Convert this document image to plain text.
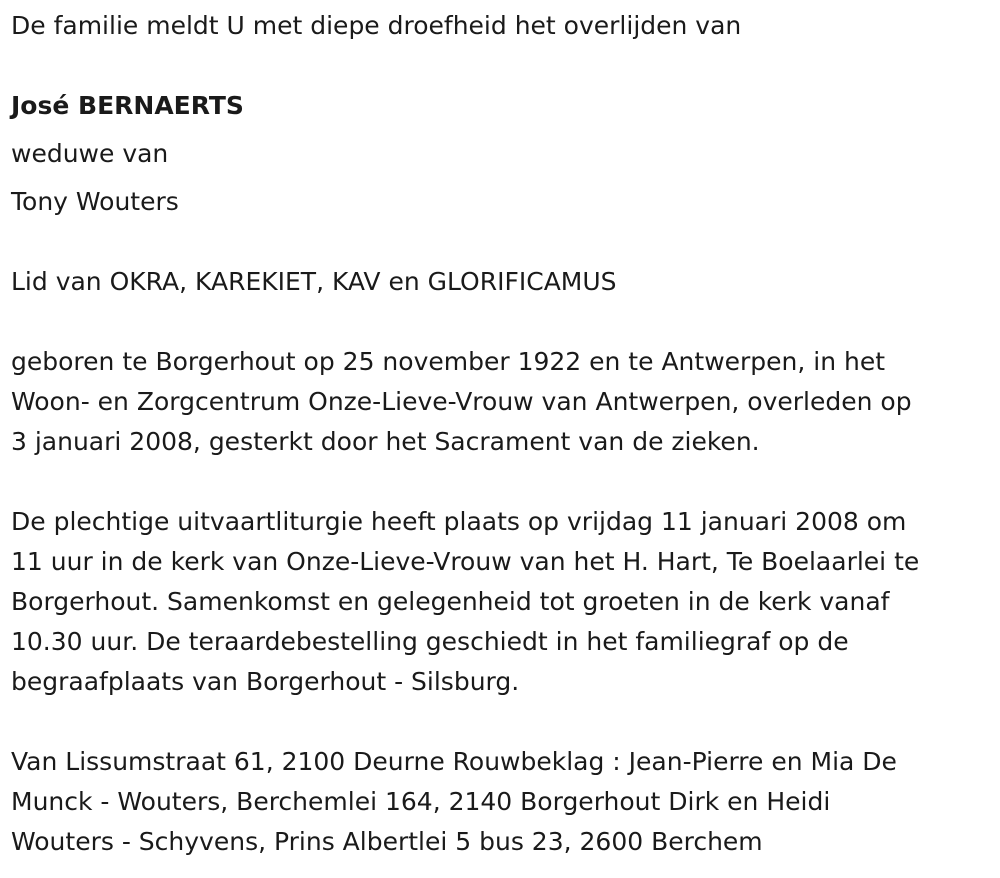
De familie meldt U met diepe droefheid het overlijden van

José BERNAERTS

weduwe van

Tony Wouters

Lid van OKRA, KAREKIET, KAV en GLORIFICAMUS

geboren te Borgerhout op 25 november 1922 en te Antwerpen, in het

Woon- en Zorgcentrum Onze-Lieve-Vrouw van Antwerpen, overleden op

3 januari 2008, gesterkt door het Sacrament van de zieken.

De plechtige uitvaartliturgie heeft plaats op vrijdag 11 januari 2008 om

11 uur in de kerk van Onze-Lieve-Vrouw van het H. Hart, Te Boelaarlei te

Borgerhout. Samenkomst en gelegenheid tot groeten in de kerk vanaf

10.30 uur. De teraardebestelling geschiedt in het familiegraf op de

begraafplaats van Borgerhout - Silsburg.

Van Lissumstraat 61, 2100 Deurne Rouwbeklag : Jean-Pierre en Mia De

Munck - Wouters, Berchemlei 164, 2140 Borgerhout Dirk en Heidi

Wouters - Schyvens, Prins Albertlei 5 bus 23, 2600 Berchem
